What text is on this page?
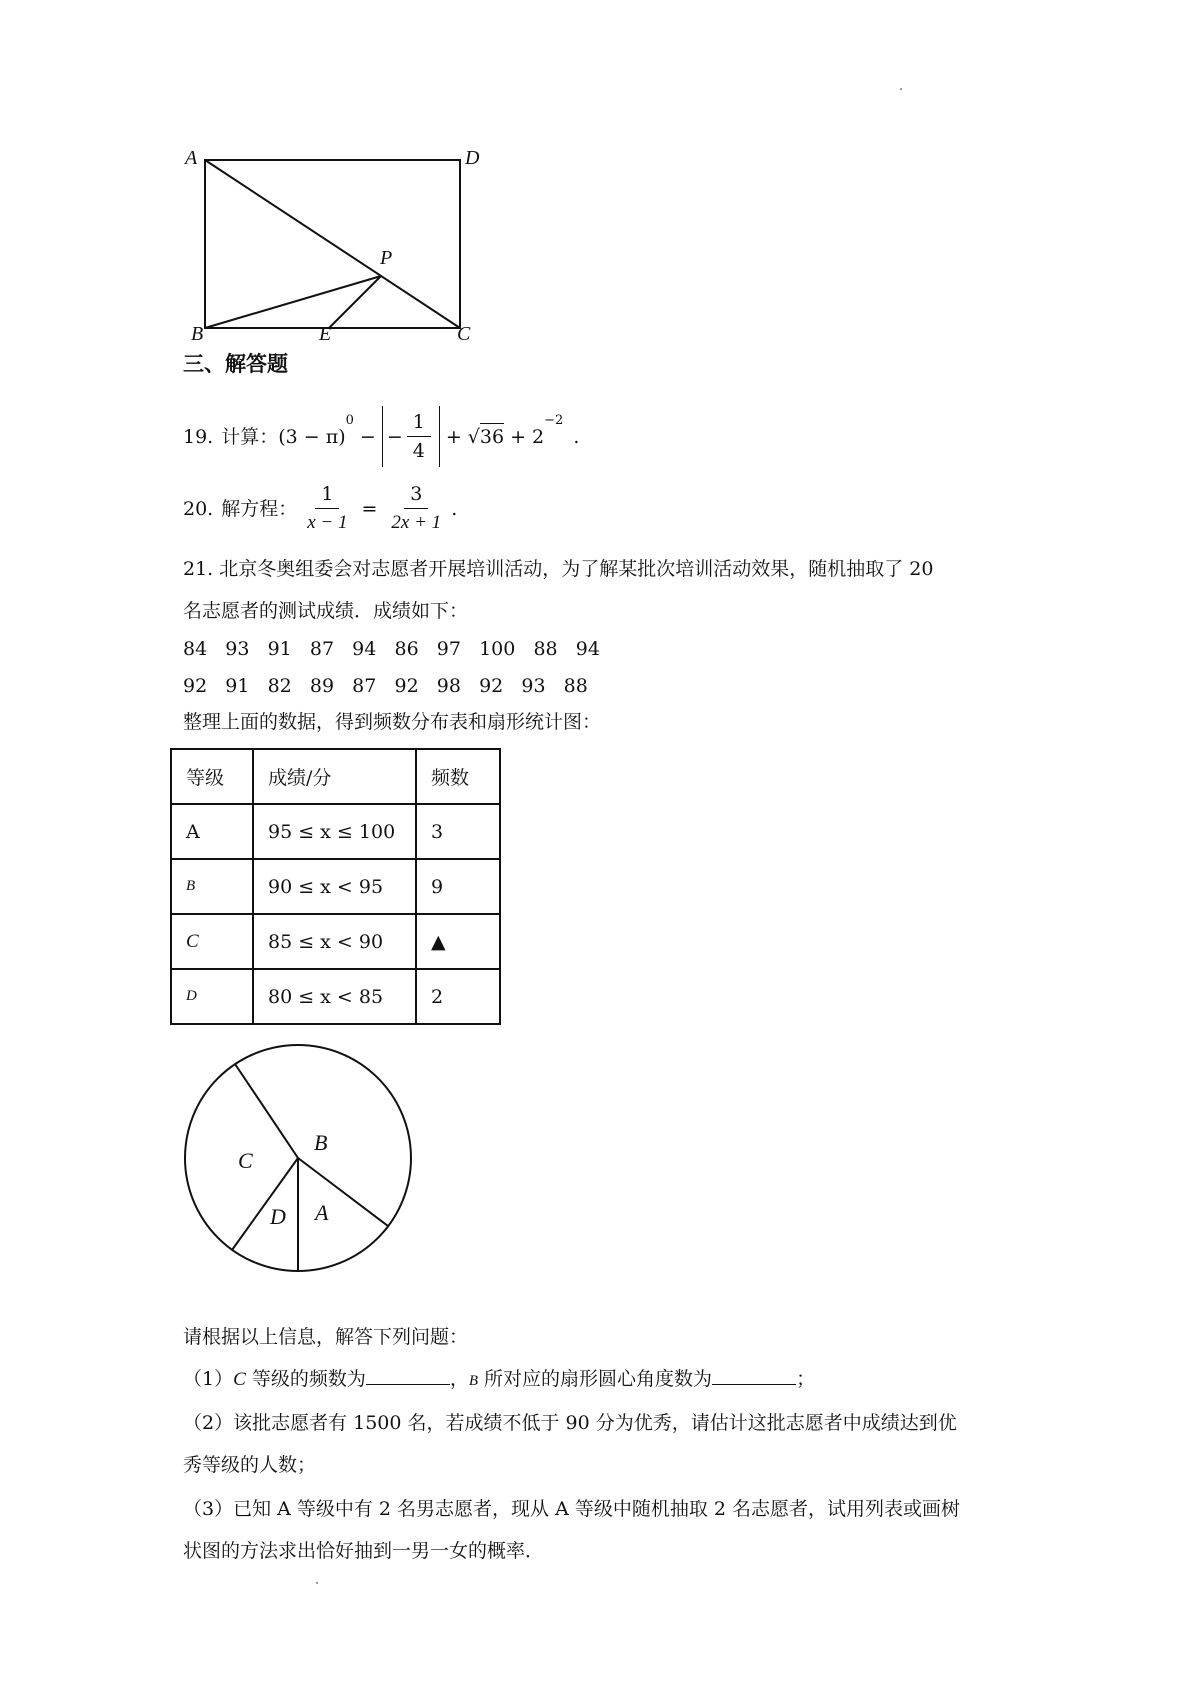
A	D
P
B	E	C
三、解答题
19. 计算： (3 − π)
$^0$
− − $\frac{1}{4}$ + √ 36 + 2
$^{-2}$
.
20. 解方程： $\frac{1}{x - 1} = \frac{3}{2x + 1}$ .
21. 北京冬奥组委会对志愿者开展培训活动，为了解某批次培训活动效果，随机抽取了 20
名志愿者的测试成绩．成绩如下：
84   93   91   87   94   86   97   100   88   94
92   91   82   89   87   92   98   92   93   88
整理上面的数据，得到频数分布表和扇形统计图：
等级	成绩/分	频数
A	95 ≤ x ≤ 100	3
B	90 ≤ x < 95	9
C	85 ≤ x < 90	▲
D	80 ≤ x < 85	2
B
C
D A
请根据以上信息，解答下列问题：
（1）C 等级的频数为	，B 所对应的扇形圆心角度数为	；
（2）该批志愿者有 1500 名，若成绩不低于 90 分为优秀，请估计这批志愿者中成绩达到优
秀等级的人数；
（3）已知 A 等级中有 2 名男志愿者，现从 A 等级中随机抽取 2 名志愿者，试用列表或画树
状图的方法求出恰好抽到一男一女的概率．
